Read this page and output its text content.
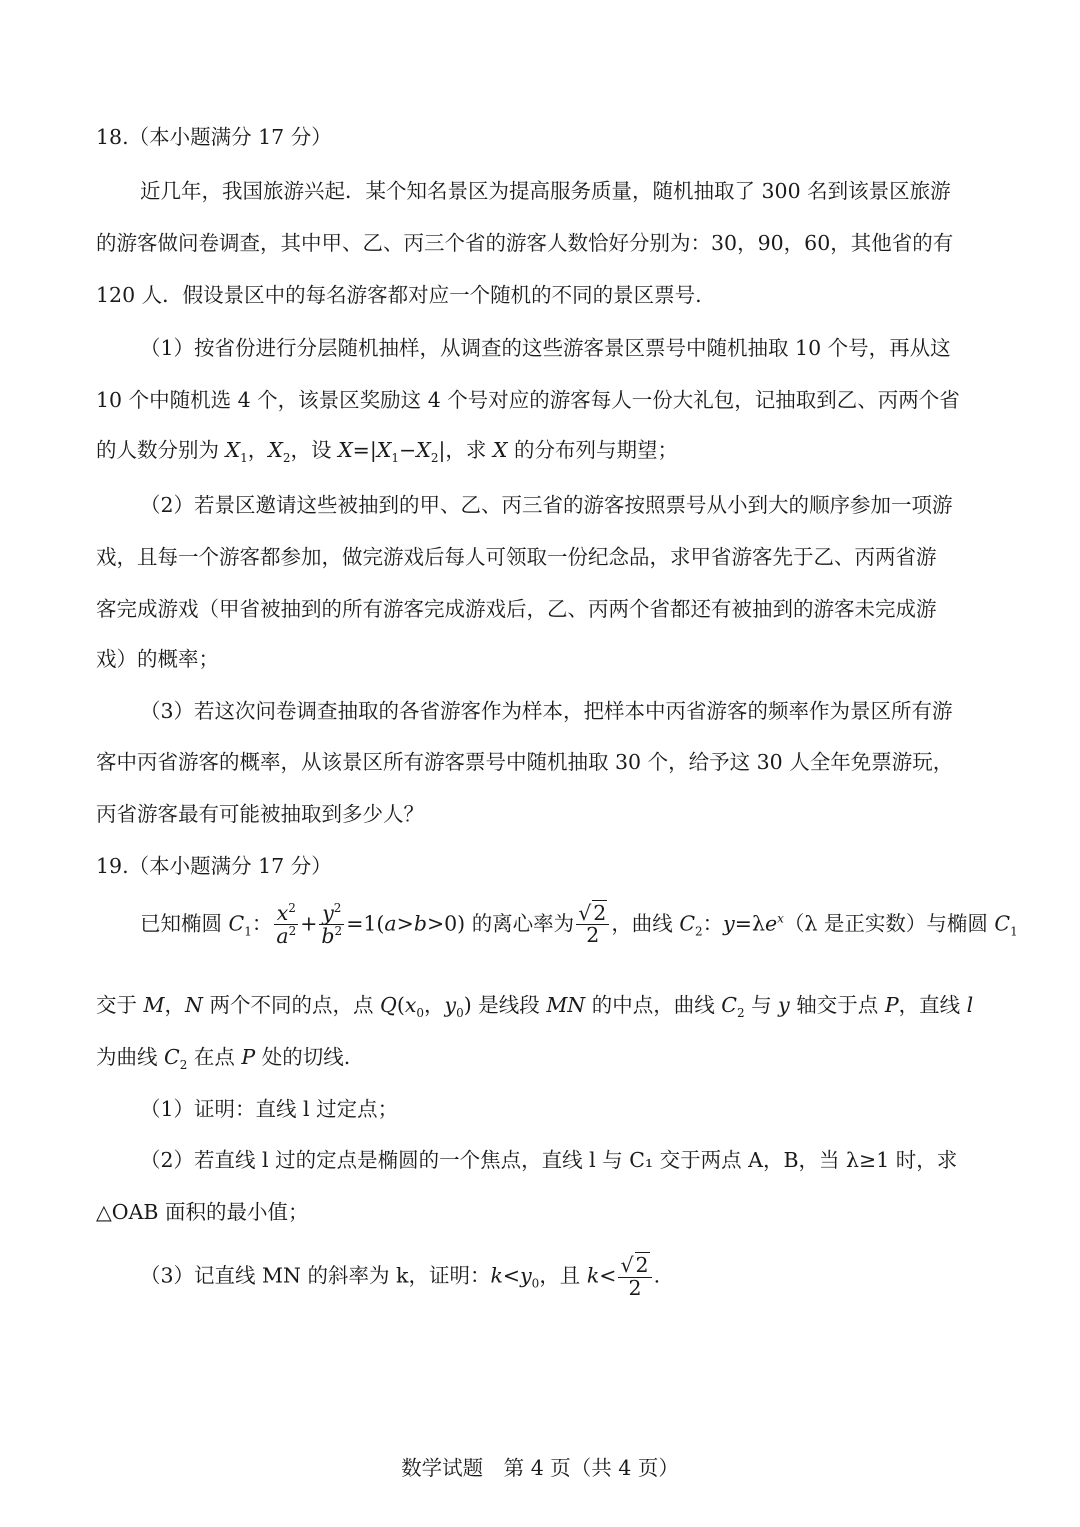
18.（本小题满分 17 分）
近几年，我国旅游兴起．某个知名景区为提高服务质量，随机抽取了 300 名到该景区旅游
的游客做问卷调查，其中甲、乙、丙三个省的游客人数恰好分别为：30，90，60，其他省的有
120 人．假设景区中的每名游客都对应一个随机的不同的景区票号.
（1）按省份进行分层随机抽样，从调查的这些游客景区票号中随机抽取 10 个号，再从这
10 个中随机选 4 个，该景区奖励这 4 个号对应的游客每人一份大礼包，记抽取到乙、丙两个省
的人数分别为 $X_1$，$X_2$，设 $X=|X_1-X_2|$，求 X 的分布列与期望；
（2）若景区邀请这些被抽到的甲、乙、丙三省的游客按照票号从小到大的顺序参加一项游
戏，且每一个游客都参加，做完游戏后每人可领取一份纪念品，求甲省游客先于乙、丙两省游
客完成游戏（甲省被抽到的所有游客完成游戏后，乙、丙两个省都还有被抽到的游客未完成游
戏）的概率；
（3）若这次问卷调查抽取的各省游客作为样本，把样本中丙省游客的频率作为景区所有游
客中丙省游客的概率，从该景区所有游客票号中随机抽取 30 个，给予这 30 人全年免票游玩，
丙省游客最有可能被抽取到多少人？
19.（本小题满分 17 分）
已知椭圆 $C_1$： $\frac{x^2}{a^2} + \frac{y^2}{b^2} =1(a>b>0)$ 的离心率为 $\frac{√2}{2}$ ，曲线 $C_2$：$y=\lambda e^x(\lambda$ 是正实数）与椭圆 $C_1$
交于 M，N 两个不同的点，点 $Q(x_0$，$y_0$) 是线段 MN 的中点，曲线 $C_2$ 与 y 轴交于点 P，直线 l
为曲线 $C_2$ 在点 P 处的切线.
（1）证明：直线 l 过定点；
（2）若直线 l 过的定点是椭圆的一个焦点，直线 l 与 C₁ 交于两点 A，B，当 λ≥1 时，求
△OAB 面积的最小值；
（3）记直线 MN 的斜率为 k，证明：$k<y_0$，且 $k< \frac{√2}{2}$ .
数学试题　第 4 页（共 4 页）
